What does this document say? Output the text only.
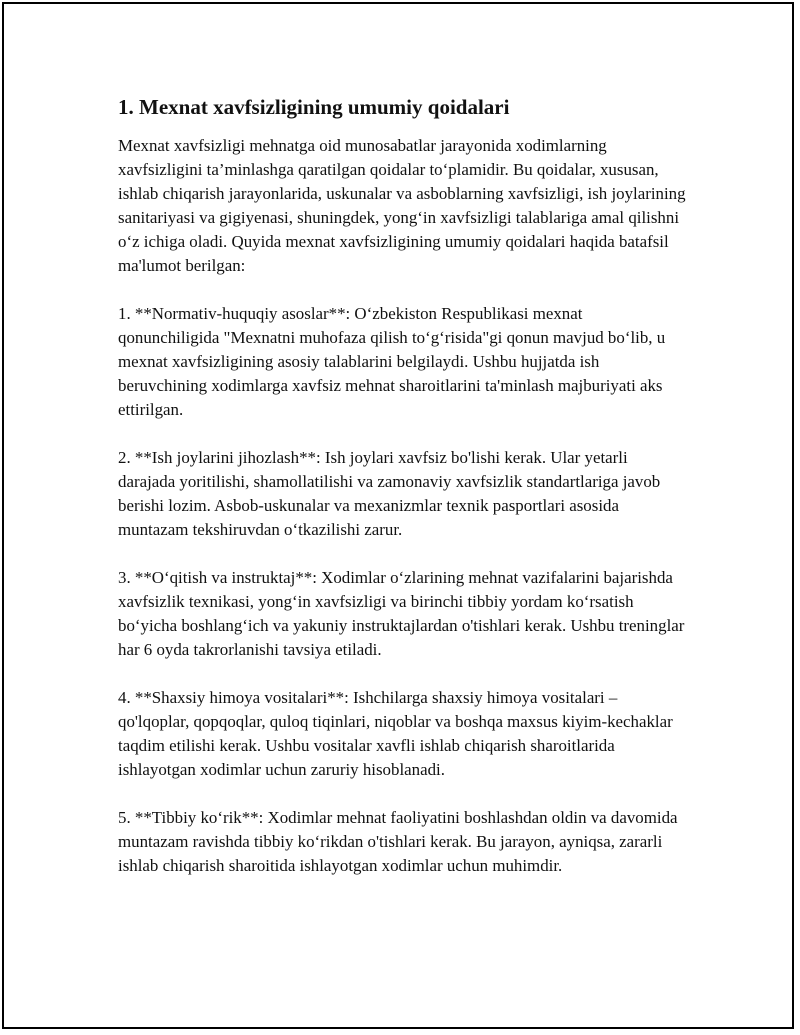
1. Mexnat xavfsizligining umumiy qoidalari

Mexnat xavfsizligi mehnatga oid munosabatlar jarayonida xodimlarning xavfsizligini ta’minlashga qaratilgan qoidalar to‘plamidir. Bu qoidalar, xususan, ishlab chiqarish jarayonlarida, uskunalar va asboblarning xavfsizligi, ish joylarining sanitariyasi va gigiyenasi, shuningdek, yong‘in xavfsizligi talablariga amal qilishni o‘z ichiga oladi. Quyida mexnat xavfsizligining umumiy qoidalari haqida batafsil ma'lumot berilgan:

1. **Normativ-huquqiy asoslar**: O‘zbekiston Respublikasi mexnat qonunchiligida "Mexnatni muhofaza qilish to‘g‘risida"gi qonun mavjud bo‘lib, u mexnat xavfsizligining asosiy talablarini belgilaydi. Ushbu hujjatda ish beruvchining xodimlarga xavfsiz mehnat sharoitlarini ta'minlash majburiyati aks ettirilgan.

2. **Ish joylarini jihozlash**: Ish joylari xavfsiz bo'lishi kerak. Ular yetarli darajada yoritilishi, shamollatilishi va zamonaviy xavfsizlik standartlariga javob berishi lozim. Asbob-uskunalar va mexanizmlar texnik pasportlari asosida muntazam tekshiruvdan o‘tkazilishi zarur.

3. **O‘qitish va instruktaj**: Xodimlar o‘zlarining mehnat vazifalarini bajarishda xavfsizlik texnikasi, yong‘in xavfsizligi va birinchi tibbiy yordam ko‘rsatish bo‘yicha boshlang‘ich va yakuniy instruktajlardan o'tishlari kerak. Ushbu treninglar har 6 oyda takrorlanishi tavsiya etiladi.

4. **Shaxsiy himoya vositalari**: Ishchilarga shaxsiy himoya vositalari – qo'lqoplar, qopqoqlar, quloq tiqinlari, niqoblar va boshqa maxsus kiyim-kechaklar taqdim etilishi kerak. Ushbu vositalar xavfli ishlab chiqarish sharoitlarida ishlayotgan xodimlar uchun zaruriy hisoblanadi.

5. **Tibbiy ko‘rik**: Xodimlar mehnat faoliyatini boshlashdan oldin va davomida muntazam ravishda tibbiy ko‘rikdan o'tishlari kerak. Bu jarayon, ayniqsa, zararli ishlab chiqarish sharoitida ishlayotgan xodimlar uchun muhimdir.
